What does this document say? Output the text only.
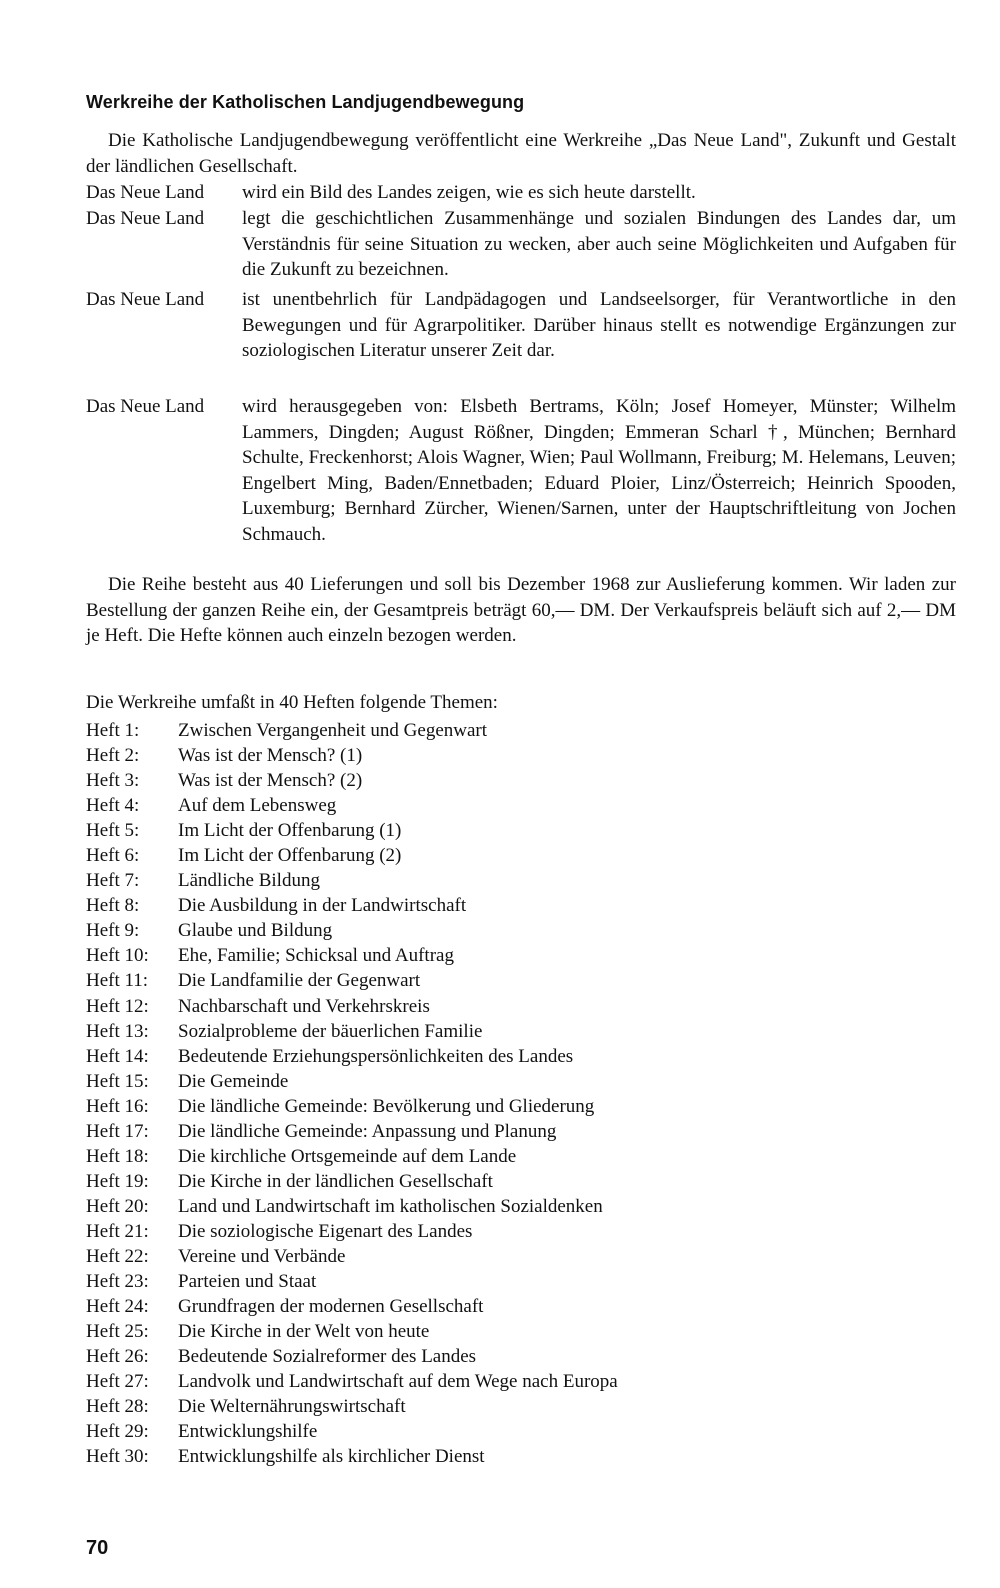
Werkreihe der Katholischen Landjugendbewegung

Die Katholische Landjugendbewegung veröffentlicht eine Werkreihe „Das Neue Land", Zukunft und Gestalt der ländlichen Gesellschaft.

Das Neue Land wird ein Bild des Landes zeigen, wie es sich heute darstellt.
Das Neue Land legt die geschichtlichen Zusammenhänge und sozialen Bindungen des Landes dar, um Verständnis für seine Situation zu wecken, aber auch seine Möglichkeiten und Aufgaben für die Zukunft zu bezeichnen.
Das Neue Land ist unentbehrlich für Landpädagogen und Landseelsorger, für Verantwortliche in den Bewegungen und für Agrarpolitiker. Darüber hinaus stellt es notwendige Ergänzungen zur soziologischen Literatur unserer Zeit dar.
Das Neue Land wird herausgegeben von: Elsbeth Bertrams, Köln; Josef Homeyer, Münster; Wilhelm Lammers, Dingden; August Rößner, Dingden; Emmeran Scharl †, München; Bernhard Schulte, Freckenhorst; Alois Wagner, Wien; Paul Wollmann, Freiburg; M. Helemans, Leuven; Engelbert Ming, Baden/Ennetbaden; Eduard Ploier, Linz/Österreich; Heinrich Spooden, Luxemburg; Bernhard Zürcher, Wienen/Sarnen, unter der Hauptschriftleitung von Jochen Schmauch.

Die Reihe besteht aus 40 Lieferungen und soll bis Dezember 1968 zur Auslieferung kommen. Wir laden zur Bestellung der ganzen Reihe ein, der Gesamtpreis beträgt 60,— DM. Der Verkaufspreis beläuft sich auf 2,— DM je Heft. Die Hefte können auch einzeln bezogen werden.

Die Werkreihe umfaßt in 40 Heften folgende Themen:
Heft 1: Zwischen Vergangenheit und Gegenwart
Heft 2: Was ist der Mensch? (1)
Heft 3: Was ist der Mensch? (2)
Heft 4: Auf dem Lebensweg
Heft 5: Im Licht der Offenbarung (1)
Heft 6: Im Licht der Offenbarung (2)
Heft 7: Ländliche Bildung
Heft 8: Die Ausbildung in der Landwirtschaft
Heft 9: Glaube und Bildung
Heft 10: Ehe, Familie; Schicksal und Auftrag
Heft 11: Die Landfamilie der Gegenwart
Heft 12: Nachbarschaft und Verkehrskreis
Heft 13: Sozialprobleme der bäuerlichen Familie
Heft 14: Bedeutende Erziehungspersönlichkeiten des Landes
Heft 15: Die Gemeinde
Heft 16: Die ländliche Gemeinde: Bevölkerung und Gliederung
Heft 17: Die ländliche Gemeinde: Anpassung und Planung
Heft 18: Die kirchliche Ortsgemeinde auf dem Lande
Heft 19: Die Kirche in der ländlichen Gesellschaft
Heft 20: Land und Landwirtschaft im katholischen Sozialdenken
Heft 21: Die soziologische Eigenart des Landes
Heft 22: Vereine und Verbände
Heft 23: Parteien und Staat
Heft 24: Grundfragen der modernen Gesellschaft
Heft 25: Die Kirche in der Welt von heute
Heft 26: Bedeutende Sozialreformer des Landes
Heft 27: Landvolk und Landwirtschaft auf dem Wege nach Europa
Heft 28: Die Welternährungswirtschaft
Heft 29: Entwicklungshilfe
Heft 30: Entwicklungshilfe als kirchlicher Dienst
70
